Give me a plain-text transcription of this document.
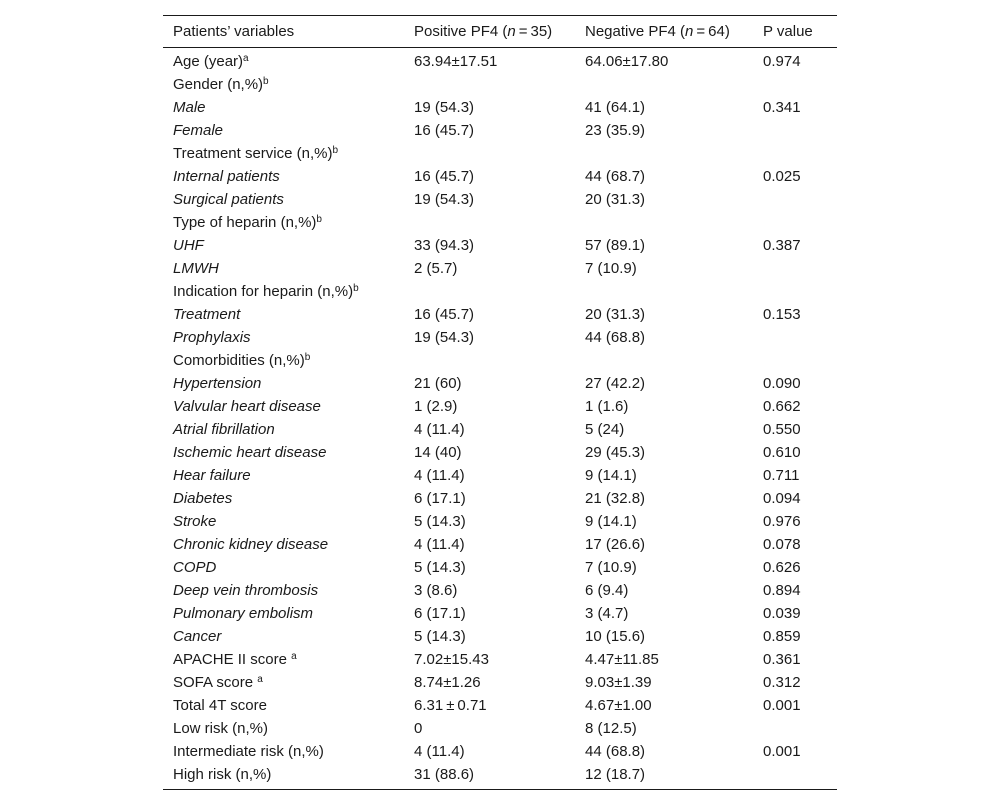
Patients’ variables	Positive PF4 (n = 35)	Negative PF4 (n = 64)	P value
Age (year)$^a$	63.94±17.51	64.06±17.80	0.974
Gender $(n,\%)^b$			
Male	19 (54.3)	41 (64.1)	0.341
Female	16 (45.7)	23 (35.9)	
Treatment service $(n,\%)^b$			
Internal patients	16 (45.7)	44 (68.7)	0.025
Surgical patients	19 (54.3)	20 (31.3)	
Type of heparin $(n,\%)^b$			
UHF	33 (94.3)	57 (89.1)	0.387
LMWH	2 (5.7)	7 (10.9)	
Indication for heparin $(n,\%)^b$			
Treatment	16 (45.7)	20 (31.3)	0.153
Prophylaxis	19 (54.3)	44 (68.8)	
Comorbidities $(n,\%)^b$			
Hypertension	21 (60)	27 (42.2)	0.090
Valvular heart disease	1 (2.9)	1 (1.6)	0.662
Atrial fibrillation	4 (11.4)	5 (24)	0.550
Ischemic heart disease	14 (40)	29 (45.3)	0.610
Hear failure	4 (11.4)	9 (14.1)	0.711
Diabetes	6 (17.1)	21 (32.8)	0.094
Stroke	5 (14.3)	9 (14.1)	0.976
Chronic kidney disease	4 (11.4)	17 (26.6)	0.078
COPD	5 (14.3)	7 (10.9)	0.626
Deep vein thrombosis	3 (8.6)	6 (9.4)	0.894
Pulmonary embolism	6 (17.1)	3 (4.7)	0.039
Cancer	5 (14.3)	10 (15.6)	0.859
APACHE II score $^a$	7.02±15.43	4.47±11.85	0.361
SOFA score $^a$	8.74±1.26	9.03±1.39	0.312
Total 4T score	6.31 ± 0.71	4.67±1.00	0.001
Low risk (n,%)	0	8 (12.5)	
Intermediate risk (n,%)	4 (11.4)	44 (68.8)	0.001
High risk (n,%)	31 (88.6)	12 (18.7)	
